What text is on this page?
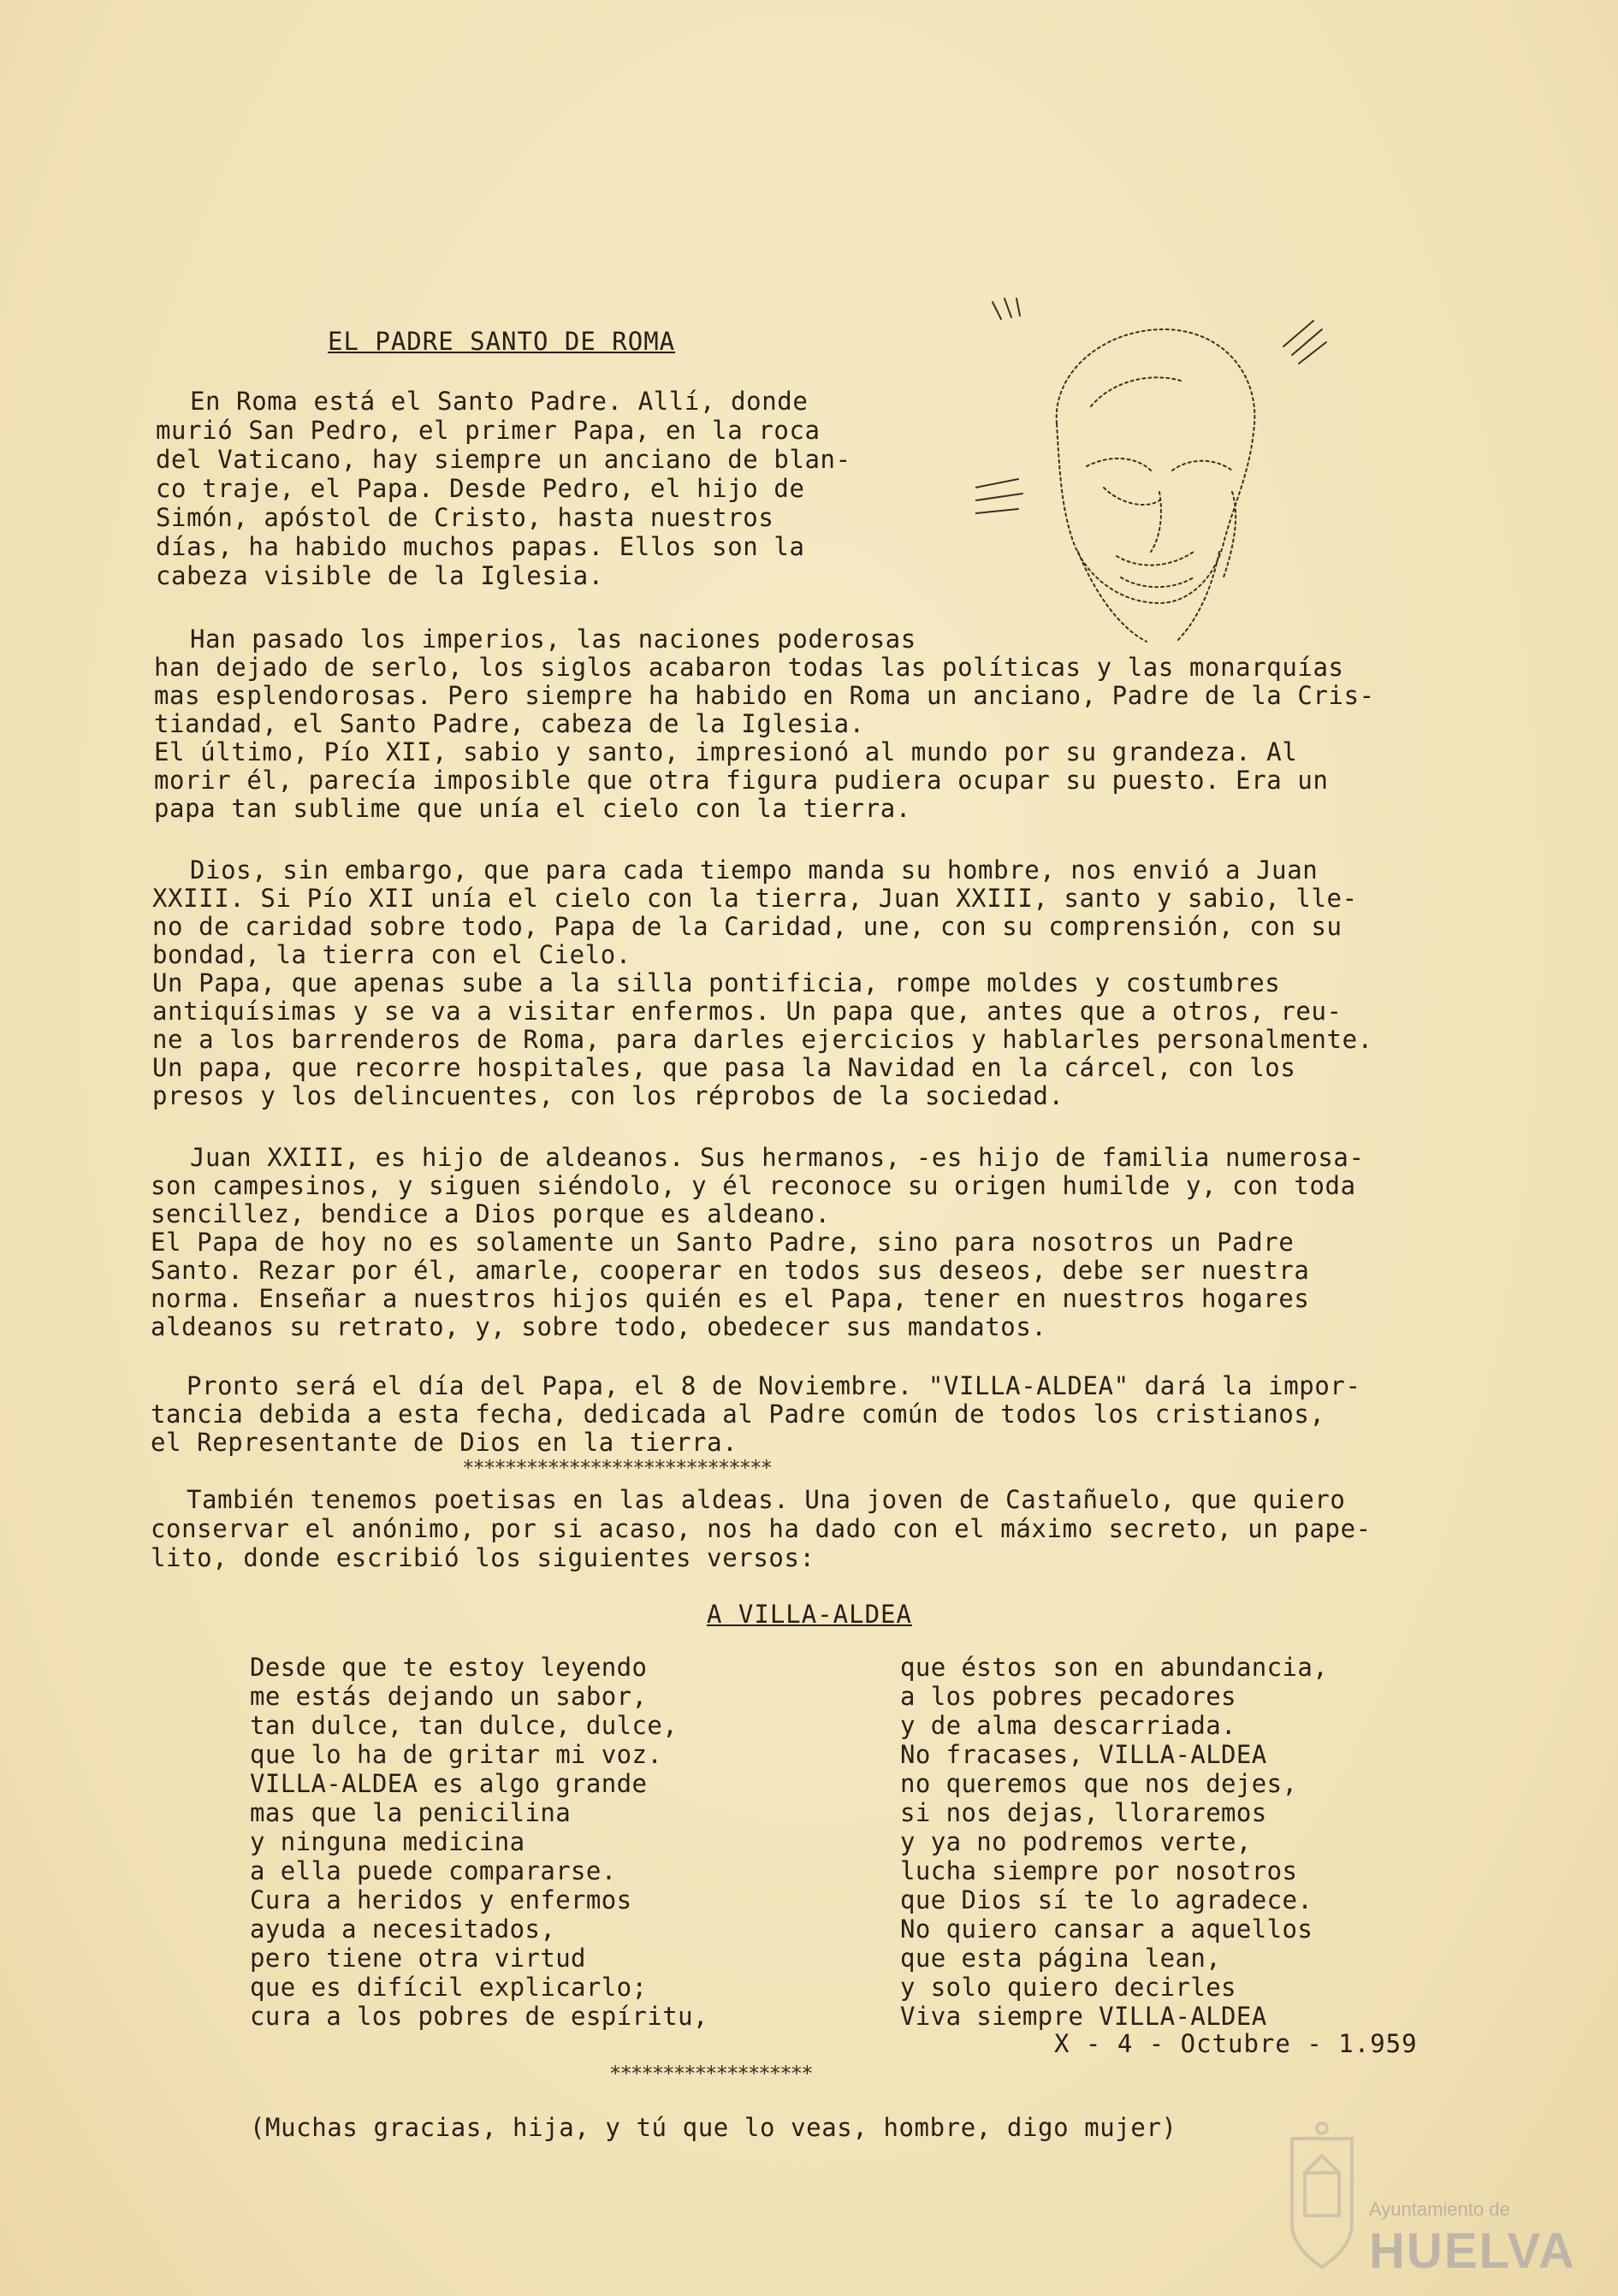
EL PADRE SANTO DE ROMA
En Roma está el Santo Padre. Allí, donde
murió San Pedro, el primer Papa, en la roca
del Vaticano, hay siempre un anciano de blan-
co traje, el Papa. Desde Pedro, el hijo de
Simón, apóstol de Cristo, hasta nuestros
días, ha habido muchos papas. Ellos son la
cabeza visible de la Iglesia.
Han pasado los imperios, las naciones poderosas
han dejado de serlo, los siglos acabaron todas las políticas y las monarquías
mas esplendorosas. Pero siempre ha habido en Roma un anciano, Padre de la Cris-
tiandad, el Santo Padre, cabeza de la Iglesia.
El último, Pío XII, sabio y santo, impresionó al mundo por su grandeza. Al
morir él, parecía imposible que otra figura pudiera ocupar su puesto. Era un
papa tan sublime que unía el cielo con la tierra.
Dios, sin embargo, que para cada tiempo manda su hombre, nos envió a Juan
XXIII. Si Pío XII unía el cielo con la tierra, Juan XXIII, santo y sabio, lle-
no de caridad sobre todo, Papa de la Caridad, une, con su comprensión, con su
bondad, la tierra con el Cielo.
Un Papa, que apenas sube a la silla pontificia, rompe moldes y costumbres
antiquísimas y se va a visitar enfermos. Un papa que, antes que a otros, reu-
ne a los barrenderos de Roma, para darles ejercicios y hablarles personalmente.
Un papa, que recorre hospitales, que pasa la Navidad en la cárcel, con los
presos y los delincuentes, con los réprobos de la sociedad.
Juan XXIII, es hijo de aldeanos. Sus hermanos, -es hijo de familia numerosa-
son campesinos, y siguen siéndolo, y él reconoce su origen humilde y, con toda
sencillez, bendice a Dios porque es aldeano.
El Papa de hoy no es solamente un Santo Padre, sino para nosotros un Padre
Santo. Rezar por él, amarle, cooperar en todos sus deseos, debe ser nuestra
norma. Enseñar a nuestros hijos quién es el Papa, tener en nuestros hogares
aldeanos su retrato, y, sobre todo, obedecer sus mandatos.
Pronto será el día del Papa, el 8 de Noviembre. "VILLA-ALDEA" dará la impor-
tancia debida a esta fecha, dedicada al Padre común de todos los cristianos,
el Representante de Dios en la tierra.
*****************************
También tenemos poetisas en las aldeas. Una joven de Castañuelo, que quiero
conservar el anónimo, por si acaso, nos ha dado con el máximo secreto, un pape-
lito, donde escribió los siguientes versos:
A VILLA-ALDEA
Desde que te estoy leyendo
me estás dejando un sabor,
tan dulce, tan dulce, dulce,
que lo ha de gritar mi voz.
VILLA-ALDEA es algo grande
mas que la penicilina
y ninguna medicina
a ella puede compararse.
Cura a heridos y enfermos
ayuda a necesitados,
pero tiene otra virtud
que es difícil explicarlo;
cura a los pobres de espíritu,
que éstos son en abundancia,
a los pobres pecadores
y de alma descarriada.
No fracases, VILLA-ALDEA
no queremos que nos dejes,
si nos dejas, lloraremos
y ya no podremos verte,
lucha siempre por nosotros
que Dios sí te lo agradece.
No quiero cansar a aquellos
que esta página lean,
y solo quiero decirles
Viva siempre VILLA-ALDEA
X - 4 - Octubre - 1.959
*******************
(Muchas gracias, hija, y tú que lo veas, hombre, digo mujer)
Ayuntamiento de
HUELVA
